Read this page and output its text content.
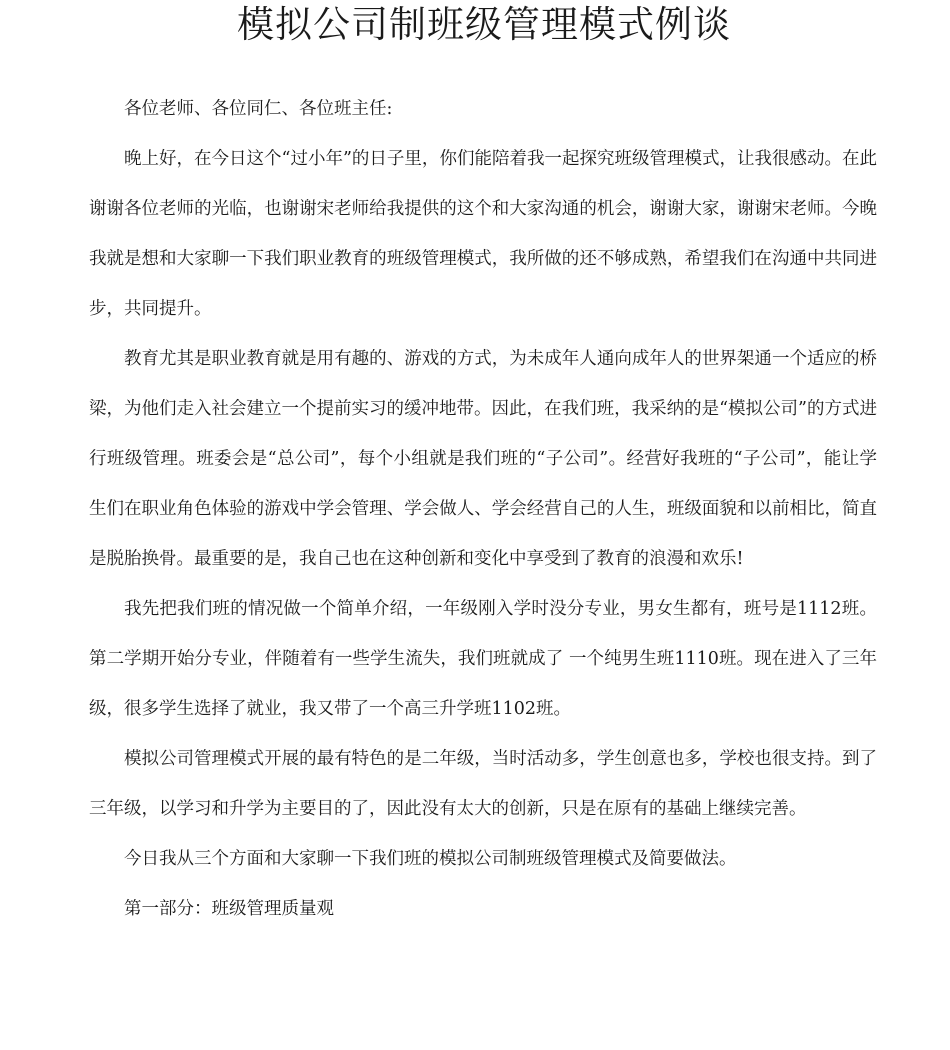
模拟公司制班级管理模式例谈

各位老师、各位同仁、各位班主任:

晚上好，在今日这个“过小年”的日子里，你们能陪着我一起探究班级管理模式，让我很感动。在此谢谢各位老师的光临，也谢谢宋老师给我提供的这个和大家沟通的机会，谢谢大家，谢谢宋老师。今晚我就是想和大家聊一下我们职业教育的班级管理模式，我所做的还不够成熟，希望我们在沟通中共同进步，共同提升。

教育尤其是职业教育就是用有趣的、游戏的方式，为未成年人通向成年人的世界架通一个适应的桥梁，为他们走入社会建立一个提前实习的缓冲地带。因此，在我们班，我采纳的是“模拟公司”的方式进行班级管理。班委会是“总公司”，每个小组就是我们班的“子公司”。经营好我班的“子公司”，能让学生们在职业角色体验的游戏中学会管理、学会做人、学会经营自己的人生，班级面貌和以前相比，简直是脱胎换骨。最重要的是，我自己也在这种创新和变化中享受到了教育的浪漫和欢乐!

我先把我们班的情况做一个简单介绍，一年级刚入学时没分专业，男女生都有，班号是1112班。第二学期开始分专业，伴随着有一些学生流失，我们班就成了 一个纯男生班1110班。现在进入了三年级，很多学生选择了就业，我又带了一个高三升学班1102班。

模拟公司管理模式开展的最有特色的是二年级，当时活动多，学生创意也多，学校也很支持。到了三年级，以学习和升学为主要目的了，因此没有太大的创新，只是在原有的基础上继续完善。

今日我从三个方面和大家聊一下我们班的模拟公司制班级管理模式及简要做法。

第一部分：班级管理质量观
